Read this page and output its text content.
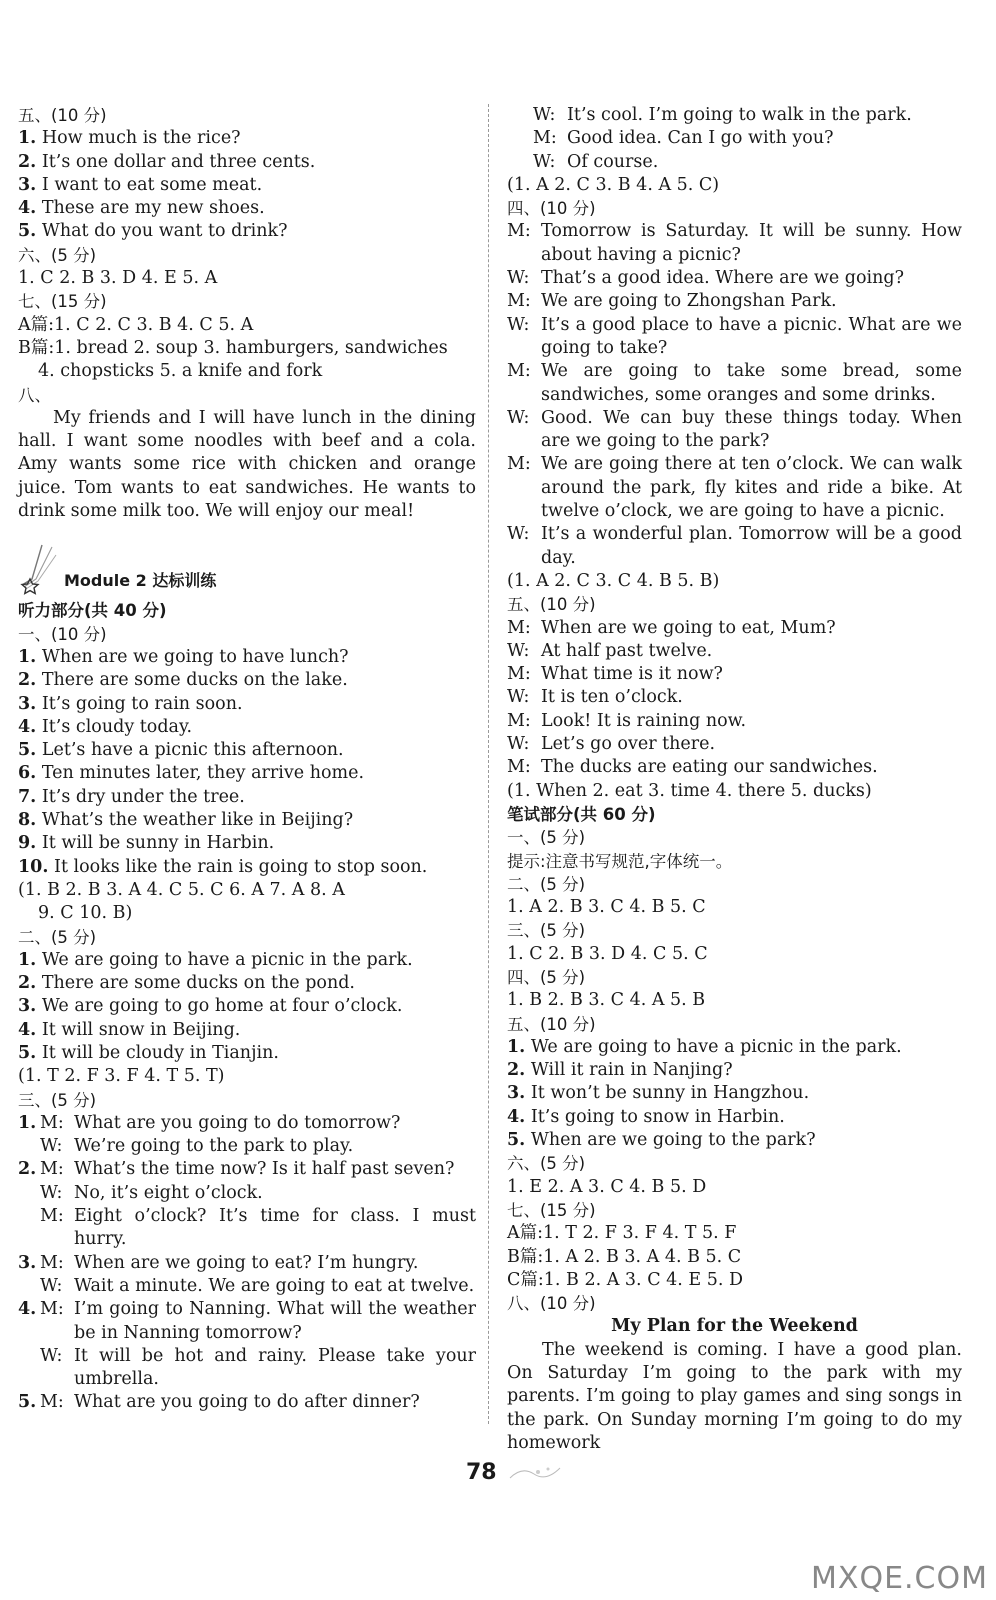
五、(10 分)
1. How much is the rice?
2. It’s one dollar and three cents.
3. I want to eat some meat.
4. These are my new shoes.
5. What do you want to drink?
六、(5 分)
1. C 2. B 3. D 4. E 5. A
七、(15 分)
A篇:1. C 2. C 3. B 4. C 5. A
B篇:1. bread 2. soup 3. hamburgers, sandwiches
4. chopsticks 5. a knife and fork
八、
My friends and I will have lunch in the dining hall. I want some noodles with beef and a cola. Amy wants some rice with chicken and orange juice. Tom wants to eat sandwiches. He wants to drink some milk too. We will enjoy our meal!
Module 2 达标训练
听力部分(共 40 分)
一、(10 分)
1. When are we going to have lunch?
2. There are some ducks on the lake.
3. It’s going to rain soon.
4. It’s cloudy today.
5. Let’s have a picnic this afternoon.
6. Ten minutes later, they arrive home.
7. It’s dry under the tree.
8. What’s the weather like in Beijing?
9. It will be sunny in Harbin.
10. It looks like the rain is going to stop soon.
(1. B 2. B 3. A 4. C 5. C 6. A 7. A 8. A
9. C 10. B)
二、(5 分)
1. We are going to have a picnic in the park.
2. There are some ducks on the pond.
3. We are going to go home at four o’clock.
4. It will snow in Beijing.
5. It will be cloudy in Tianjin.
(1. T 2. F 3. F 4. T 5. T)
三、(5 分)
1. M: What are you going to do tomorrow?
W: We’re going to the park to play.
2. M: What’s the time now? Is it half past seven?
W: No, it’s eight o’clock.
M: Eight o’clock? It’s time for class. I must hurry.
3. M: When are we going to eat? I’m hungry.
W: Wait a minute. We are going to eat at twelve.
4. M: I’m going to Nanning. What will the weather be in Nanning tomorrow?
W: It will be hot and rainy. Please take your umbrella.
5. M: What are you going to do after dinner?
W: It’s cool. I’m going to walk in the park.
M: Good idea. Can I go with you?
W: Of course.
(1. A 2. C 3. B 4. A 5. C)
四、(10 分)
M: Tomorrow is Saturday. It will be sunny. How about having a picnic?
W: That’s a good idea. Where are we going?
M: We are going to Zhongshan Park.
W: It’s a good place to have a picnic. What are we going to take?
M: We are going to take some bread, some sandwiches, some oranges and some drinks.
W: Good. We can buy these things today. When are we going to the park?
M: We are going there at ten o’clock. We can walk around the park, fly kites and ride a bike. At twelve o’clock, we are going to have a picnic.
W: It’s a wonderful plan. Tomorrow will be a good day.
(1. A 2. C 3. C 4. B 5. B)
五、(10 分)
M: When are we going to eat, Mum?
W: At half past twelve.
M: What time is it now?
W: It is ten o’clock.
M: Look! It is raining now.
W: Let’s go over there.
M: The ducks are eating our sandwiches.
(1. When 2. eat 3. time 4. there 5. ducks)
笔试部分(共 60 分)
一、(5 分)
提示:注意书写规范,字体统一。
二、(5 分)
1. A 2. B 3. C 4. B 5. C
三、(5 分)
1. C 2. B 3. D 4. C 5. C
四、(5 分)
1. B 2. B 3. C 4. A 5. B
五、(10 分)
1. We are going to have a picnic in the park.
2. Will it rain in Nanjing?
3. It won’t be sunny in Hangzhou.
4. It’s going to snow in Harbin.
5. When are we going to the park?
六、(5 分)
1. E 2. A 3. C 4. B 5. D
七、(15 分)
A篇:1. T 2. F 3. F 4. T 5. F
B篇:1. A 2. B 3. A 4. B 5. C
C篇:1. B 2. A 3. C 4. E 5. D
八、(10 分)
My Plan for the Weekend
The weekend is coming. I have a good plan. On Saturday I’m going to the park with my parents. I’m going to play games and sing songs in the park. On Sunday morning I’m going to do my homework
78
MXQE.COM
